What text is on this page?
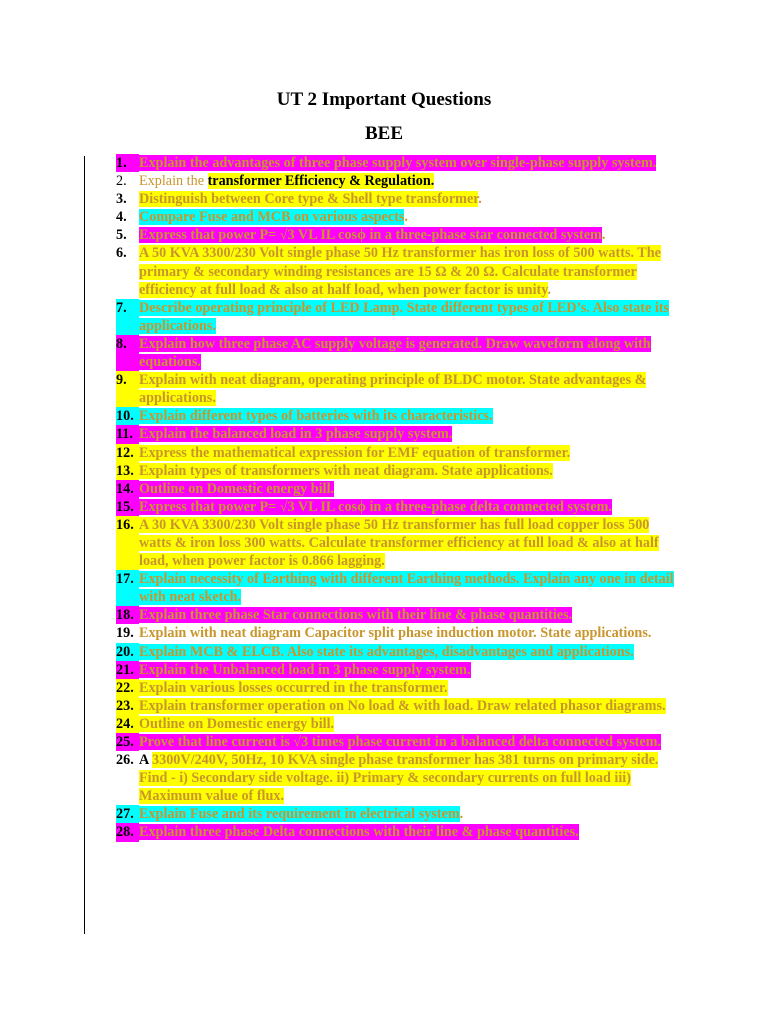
UT 2 Important Questions
BEE
1. Explain the advantages of three phase supply system over single-phase supply system.
2. Explain the transformer Efficiency & Regulation.
3. Distinguish between Core type & Shell type transformer.
4. Compare Fuse and MCB on various aspects.
5. Express that power P= √3 VL IL cosϕ in a three-phase star connected system.
6. A 50 KVA 3300/230 Volt single phase 50 Hz transformer has iron loss of 500 watts. The primary & secondary winding resistances are 15 Ω & 20 Ω. Calculate transformer efficiency at full load & also at half load, when power factor is unity.
7. Describe operating principle of LED Lamp. State different types of LED’s. Also state its applications.
8. Explain how three phase AC supply voltage is generated. Draw waveform along with equations.
9. Explain with neat diagram, operating principle of BLDC motor. State advantages & applications.
10. Explain different types of batteries with its characteristics.
11. Explain the balanced load in 3 phase supply system.
12. Express the mathematical expression for EMF equation of transformer.
13. Explain types of transformers with neat diagram. State applications.
14. Outline on Domestic energy bill.
15. Express that power P= √3 VL IL cosϕ in a three-phase delta connected system.
16. A 30 KVA 3300/230 Volt single phase 50 Hz transformer has full load copper loss 500 watts & iron loss 300 watts. Calculate transformer efficiency at full load & also at half load, when power factor is 0.866 lagging.
17. Explain necessity of Earthing with different Earthing methods. Explain any one in detail with neat sketch.
18. Explain three phase Star connections with their line & phase quantities.
19. Explain with neat diagram Capacitor split phase induction motor. State applications.
20. Explain MCB & ELCB. Also state its advantages, disadvantages and applications.
21. Explain the Unbalanced load in 3 phase supply system.
22. Explain various losses occurred in the transformer.
23. Explain transformer operation on No load & with load. Draw related phasor diagrams.
24. Outline on Domestic energy bill.
25. Prove that line current is √3 times phase current in a balanced delta connected system.
26. A 3300V/240V, 50Hz, 10 KVA single phase transformer has 381 turns on primary side. Find - i) Secondary side voltage. ii) Primary & secondary currents on full load iii) Maximum value of flux.
27. Explain Fuse and its requirement in electrical system.
28. Explain three phase Delta connections with their line & phase quantities.
